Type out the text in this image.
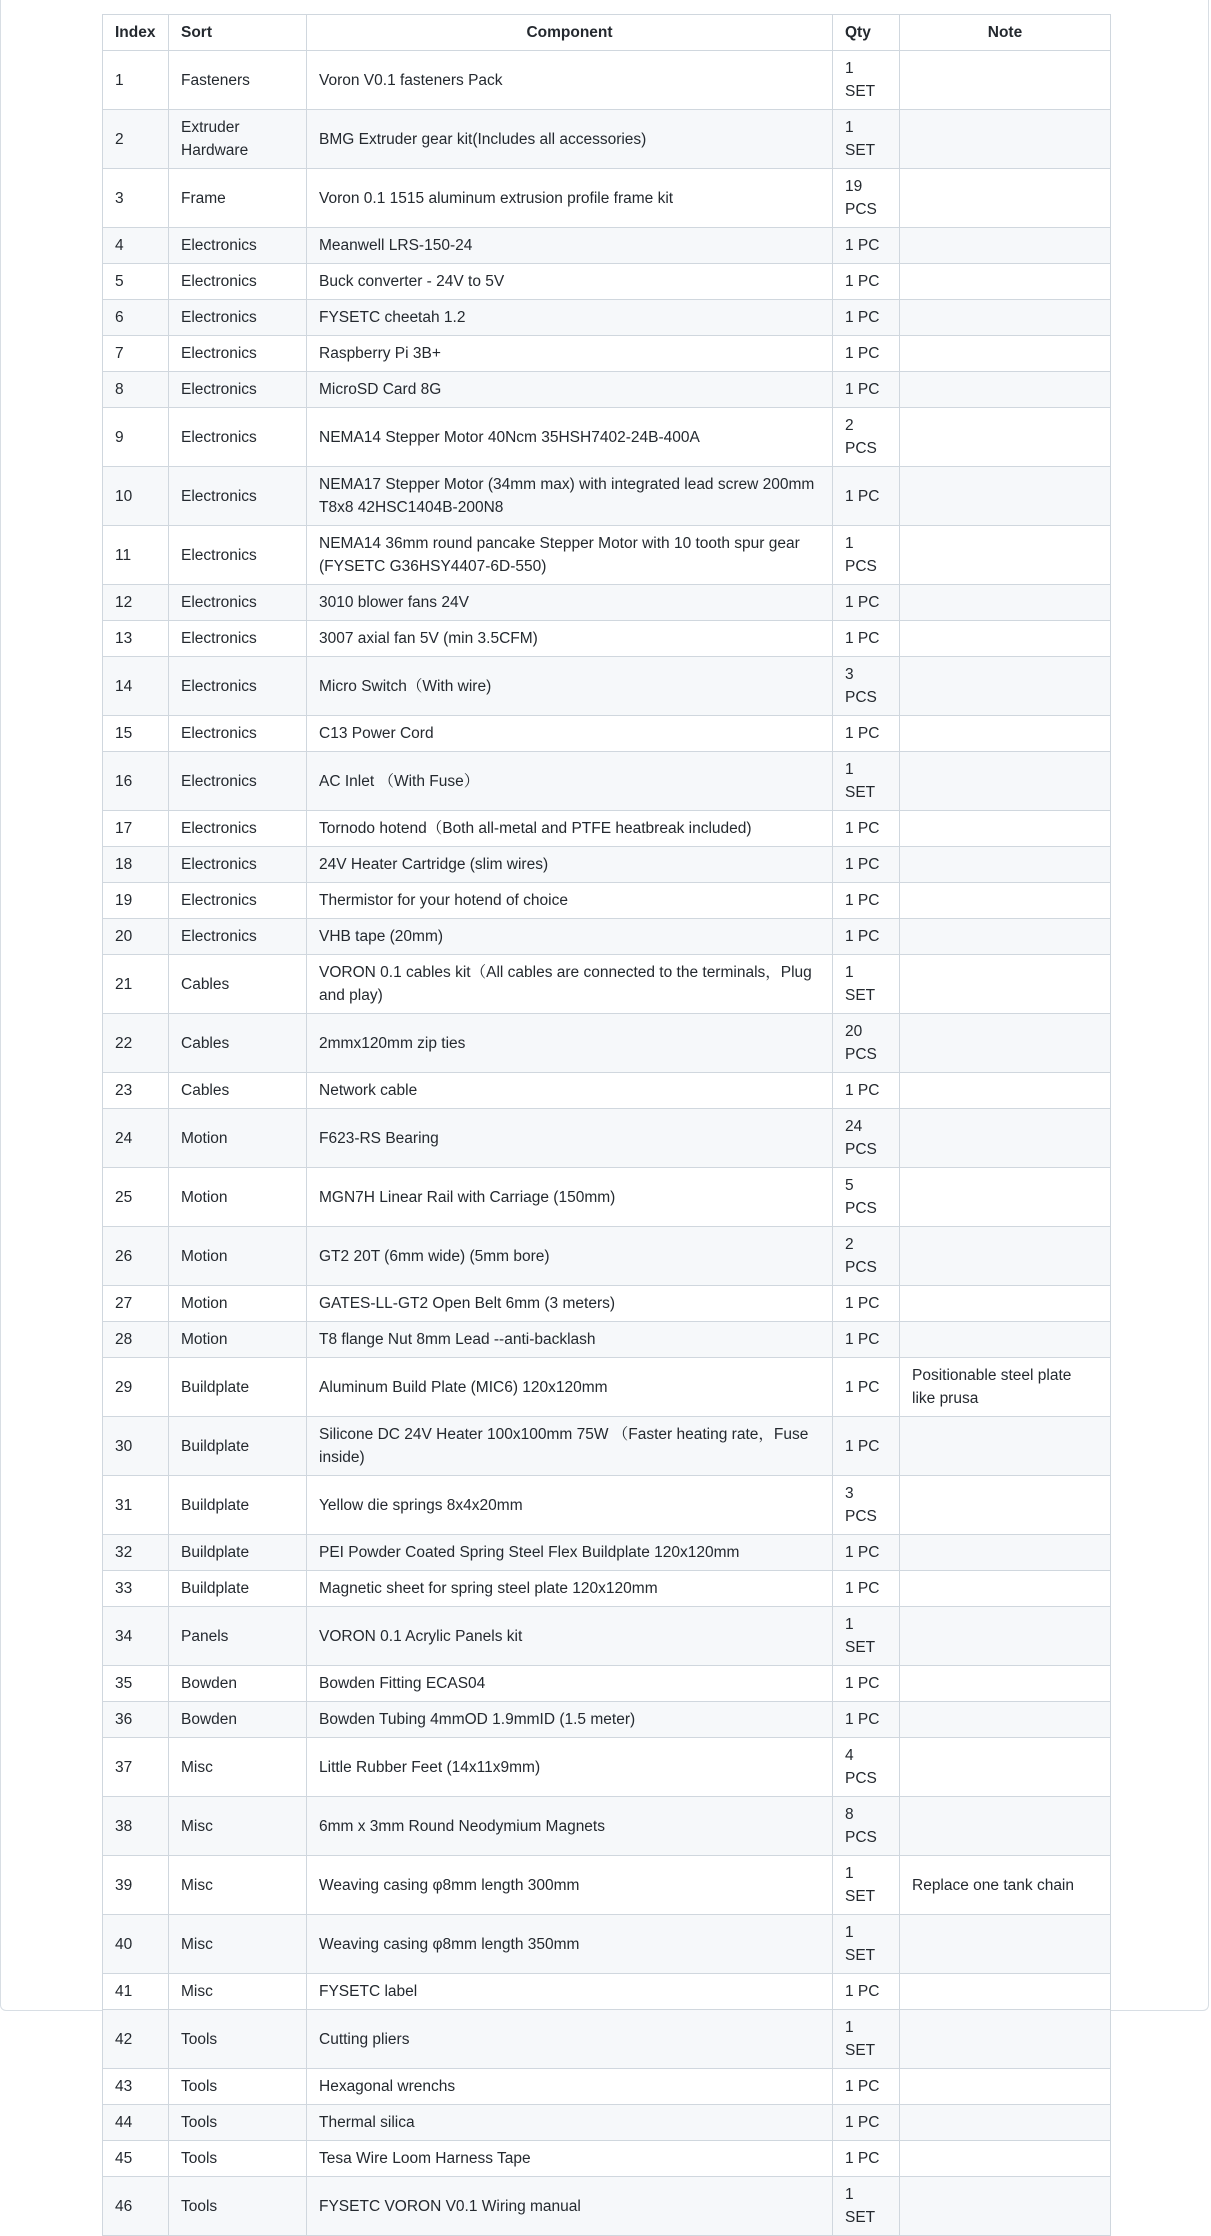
Index	Sort	Component	Qty	Note
1	Fasteners	Voron V0.1 fasteners Pack	1 SET	
2	Extruder Hardware	BMG Extruder gear kit(Includes all accessories)	1 SET	
3	Frame	Voron 0.1 1515 aluminum extrusion profile frame kit	19 PCS	
4	Electronics	Meanwell LRS-150-24	1 PC	
5	Electronics	Buck converter - 24V to 5V	1 PC	
6	Electronics	FYSETC cheetah 1.2	1 PC	
7	Electronics	Raspberry Pi 3B+	1 PC	
8	Electronics	MicroSD Card 8G	1 PC	
9	Electronics	NEMA14 Stepper Motor 40Ncm 35HSH7402-24B-400A	2 PCS	
10	Electronics	NEMA17 Stepper Motor (34mm max) with integrated lead screw 200mm T8x8 42HSC1404B-200N8	1 PC	
11	Electronics	NEMA14 36mm round pancake Stepper Motor with 10 tooth spur gear (FYSETC G36HSY4407-6D-550)	1 PCS	
12	Electronics	3010 blower fans 24V	1 PC	
13	Electronics	3007 axial fan 5V (min 3.5CFM)	1 PC	
14	Electronics	Micro Switch（With wire)	3 PCS	
15	Electronics	C13 Power Cord	1 PC	
16	Electronics	AC Inlet （With Fuse）	1 SET	
17	Electronics	Tornodo hotend（Both all-metal and PTFE heatbreak included)	1 PC	
18	Electronics	24V Heater Cartridge (slim wires)	1 PC	
19	Electronics	Thermistor for your hotend of choice	1 PC	
20	Electronics	VHB tape (20mm)	1 PC	
21	Cables	VORON 0.1 cables kit（All cables are connected to the terminals，Plug and play)	1 SET	
22	Cables	2mmx120mm zip ties	20 PCS	
23	Cables	Network cable	1 PC	
24	Motion	F623-RS Bearing	24 PCS	
25	Motion	MGN7H Linear Rail with Carriage (150mm)	5 PCS	
26	Motion	GT2 20T (6mm wide) (5mm bore)	2 PCS	
27	Motion	GATES-LL-GT2 Open Belt 6mm (3 meters)	1 PC	
28	Motion	T8 flange Nut 8mm Lead --anti-backlash	1 PC	
29	Buildplate	Aluminum Build Plate (MIC6) 120x120mm	1 PC	Positionable steel plate like prusa
30	Buildplate	Silicone DC 24V Heater 100x100mm 75W （Faster heating rate，Fuse inside)	1 PC	
31	Buildplate	Yellow die springs 8x4x20mm	3 PCS	
32	Buildplate	PEI Powder Coated Spring Steel Flex Buildplate 120x120mm	1 PC	
33	Buildplate	Magnetic sheet for spring steel plate 120x120mm	1 PC	
34	Panels	VORON 0.1 Acrylic Panels kit	1 SET	
35	Bowden	Bowden Fitting ECAS04	1 PC	
36	Bowden	Bowden Tubing 4mmOD 1.9mmID (1.5 meter)	1 PC	
37	Misc	Little Rubber Feet (14x11x9mm)	4 PCS	
38	Misc	6mm x 3mm Round Neodymium Magnets	8 PCS	
39	Misc	Weaving casing φ8mm length 300mm	1 SET	Replace one tank chain
40	Misc	Weaving casing φ8mm length 350mm	1 SET	
41	Misc	FYSETC label	1 PC	
42	Tools	Cutting pliers	1 SET	
43	Tools	Hexagonal wrenchs	1 PC	
44	Tools	Thermal silica	1 PC	
45	Tools	Tesa Wire Loom Harness Tape	1 PC	
46	Tools	FYSETC VORON V0.1 Wiring manual	1 SET	
